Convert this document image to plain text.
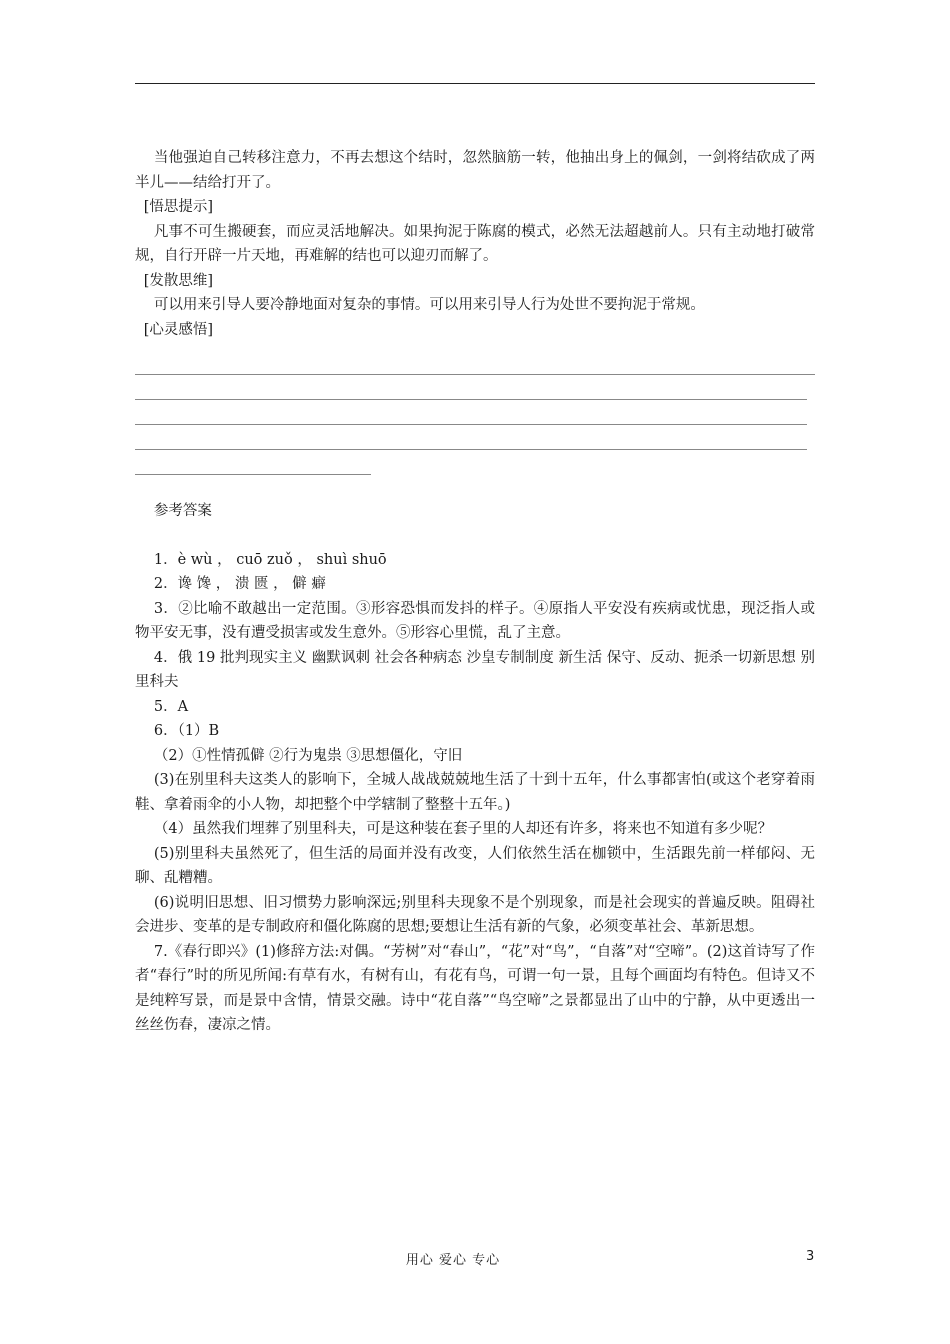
当他强迫自己转移注意力，不再去想这个结时，忽然脑筋一转，他抽出身上的佩剑，一剑将结砍成了两半儿——结给打开了。

[悟思提示]

凡事不可生搬硬套，而应灵活地解决。如果拘泥于陈腐的模式，必然无法超越前人。只有主动地打破常规，自行开辟一片天地，再难解的结也可以迎刃而解了。

[发散思维]

可以用来引导人要冷静地面对复杂的事情。可以用来引导人行为处世不要拘泥于常规。

[心灵感悟]

参考答案

1．è wù ， cuō zuǒ ， shuì shuō

2．谗 馋 ， 溃 匮 ， 僻 癖

3．②比喻不敢越出一定范围。③形容恐惧而发抖的样子。④原指人平安没有疾病或忧患，现泛指人或物平安无事，没有遭受损害或发生意外。⑤形容心里慌，乱了主意。

4．俄 19 批判现实主义 幽默讽刺 社会各种病态 沙皇专制制度 新生活 保守、反动、扼杀一切新思想 别里科夫

5．A

6．（1）B

（2）①性情孤僻 ②行为鬼祟 ③思想僵化，守旧

(3)在别里科夫这类人的影响下，全城人战战兢兢地生活了十到十五年，什么事都害怕(或这个老穿着雨鞋、拿着雨伞的小人物，却把整个中学辖制了整整十五年。)

（4）虽然我们埋葬了别里科夫，可是这种装在套子里的人却还有许多，将来也不知道有多少呢？

(5)别里科夫虽然死了，但生活的局面并没有改变，人们依然生活在枷锁中，生活跟先前一样郁闷、无聊、乱糟糟。

(6)说明旧思想、旧习惯势力影响深远;别里科夫现象不是个别现象，而是社会现实的普遍反映。阻碍社会进步、变革的是专制政府和僵化陈腐的思想;要想让生活有新的气象，必须变革社会、革新思想。

7.《春行即兴》(1)修辞方法:对偶。“芳树”对“春山”，“花”对“鸟”，“自落”对“空啼”。(2)这首诗写了作者“春行”时的所见所闻:有草有水，有树有山，有花有鸟，可谓一句一景，且每个画面均有特色。但诗又不是纯粹写景，而是景中含情，情景交融。诗中“花自落”“鸟空啼”之景都显出了山中的宁静，从中更透出一丝丝伤春，凄凉之情。

用心 爱心 专心	3
